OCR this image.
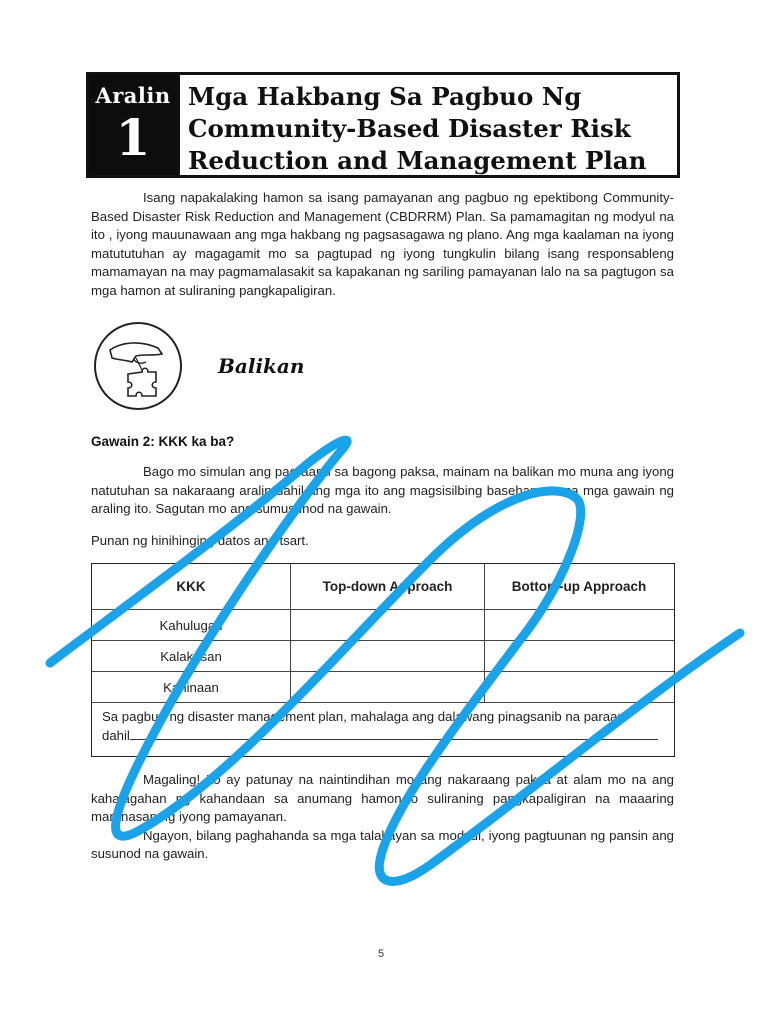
Aralin
1
Mga Hakbang Sa Pagbuo Ng
Community-Based Disaster Risk
Reduction and Management Plan
Isang napakalaking hamon sa isang pamayanan ang pagbuo ng epektibong Community-Based Disaster Risk Reduction and Management (CBDRRM) Plan. Sa pamamagitan ng modyul na ito , iyong mauunawaan ang mga hakbang ng pagsasagawa ng plano. Ang mga kaalaman na iyong matututuhan ay magagamit mo sa pagtupad ng iyong tungkulin bilang isang responsableng mamamayan na may pagmamalasakit sa kapakanan ng sariling pamayanan lalo na sa pagtugon sa mga hamon at suliraning pangkapaligiran.
Balikan
Gawain 2: KKK ka ba?
Bago mo simulan ang pag-aaral sa bagong paksa, mainam na balikan mo muna ang iyong natutuhan sa nakaraang aralin dahil ang mga ito ang magsisilbing basehan mo sa mga gawain ng araling ito. Sagutan mo ang sumusunod na gawain.
Punan ng hinihinging datos ang tsart.
KKK	Top-down Approach	Bottom-up Approach
Kahulugan
Kalakasan
Kahinaan
Sa pagbuo ng disaster management plan, mahalaga ang dalawang pinagsanib na paraan
dahil
Magaling! Ito ay patunay na naintindihan mo ang nakaraang paksa at alam mo na ang kahalagahan ng kahandaan sa anumang hamon o suliraning pangkapaligiran na maaaring maranasan ng iyong pamayanan.
Ngayon, bilang paghahanda sa mga talakayan sa modyul, iyong pagtuunan ng pansin ang susunod na gawain.
5
